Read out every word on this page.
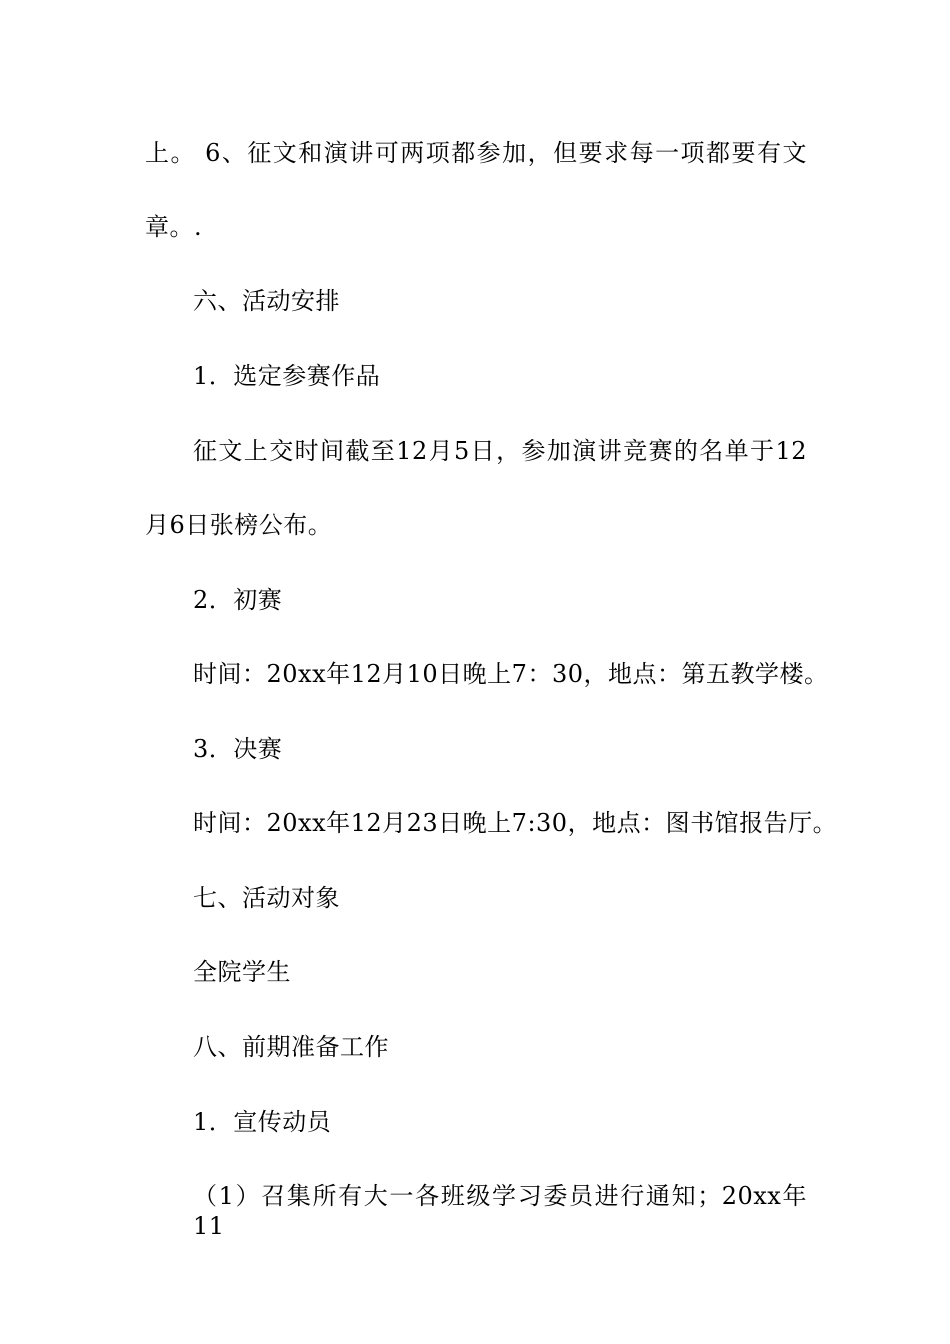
上。 6、征文和演讲可两项都参加，但要求每一项都要有文
章。.
六、活动安排
1．选定参赛作品
征文上交时间截至12月5日，参加演讲竞赛的名单于12
月6日张榜公布。
2．初赛
时间：20xx年12月10日晚上7：30，地点：第五教学楼。
3．决赛
时间：20xx年12月23日晚上7:30，地点：图书馆报告厅。
七、活动对象
全院学生
八、前期准备工作
1．宣传动员
（1）召集所有大一各班级学习委员进行通知；20xx年11
